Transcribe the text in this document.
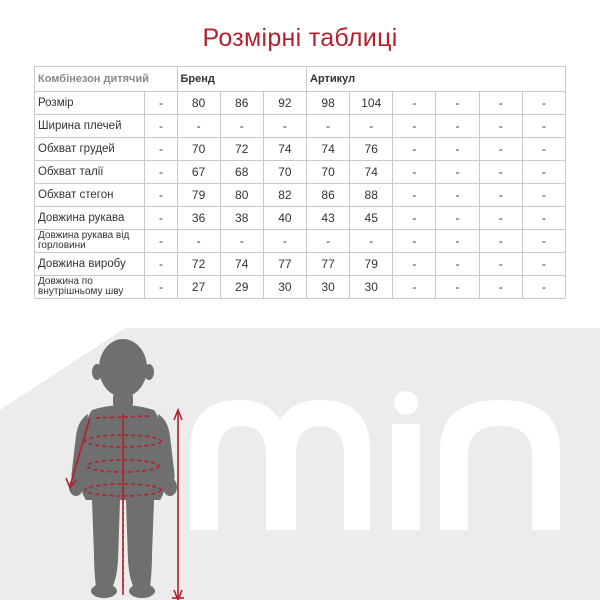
Розмірні таблиці
Комбінезон дитячий		Бренд			Артикул					
Розмір	-	80	86	92	98	104	-	-	-	-
Ширина плечей	-	-	-	-	-	-	-	-	-	-
Обхват грудей	-	70	72	74	74	76	-	-	-	-
Обхват талії	-	67	68	70	70	74	-	-	-	-
Обхват стегон	-	79	80	82	86	88	-	-	-	-
Довжина рукава	-	36	38	40	43	45	-	-	-	-
Довжина рукава від горловини	-	-	-	-	-	-	-	-	-	-
Довжина виробу	-	72	74	77	77	79	-	-	-	-
Довжина по внутрішньому шву	-	27	29	30	30	30	-	-	-	-
